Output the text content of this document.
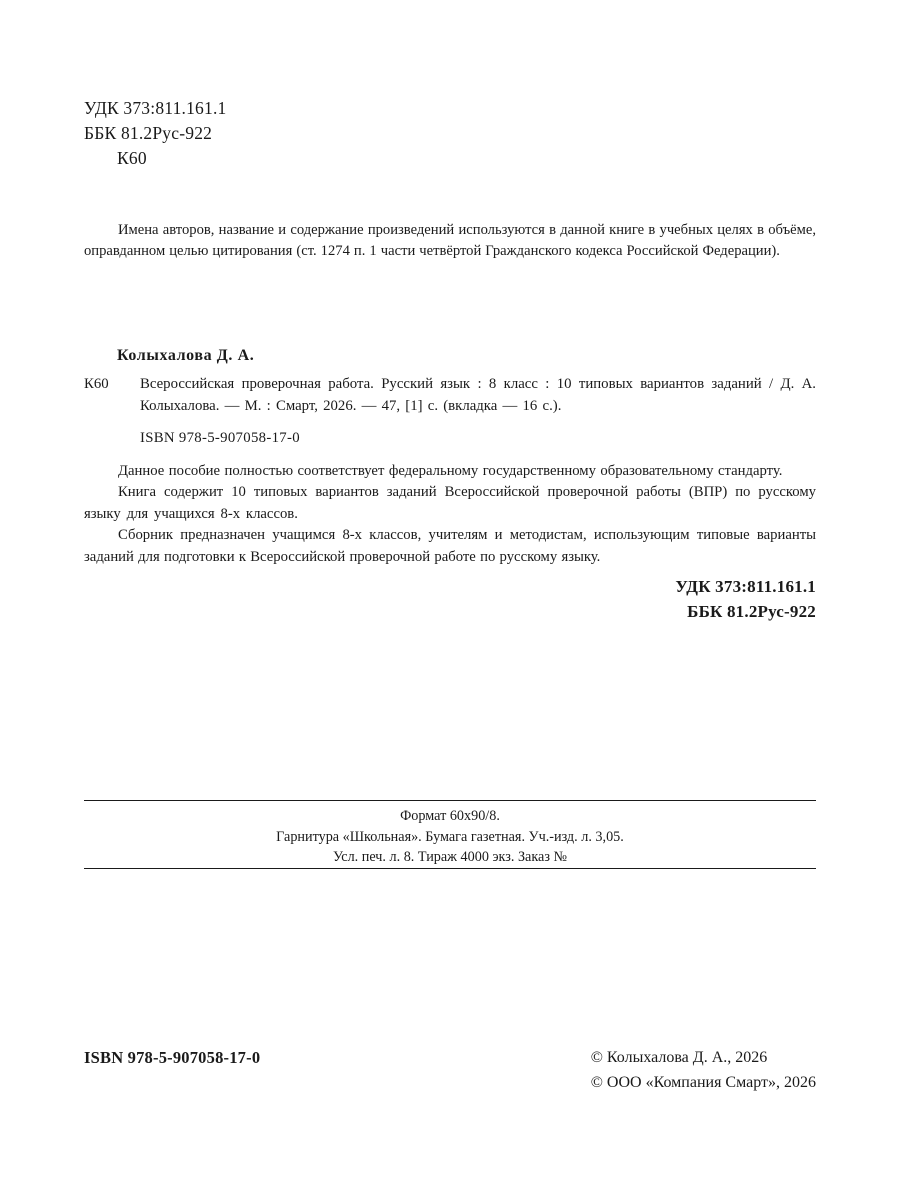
УДК 373:811.161.1
ББК 81.2Рус-922
К60
Имена авторов, название и содержание произведений используются в данной книге в учебных целях в объёме, оправданном целью цитирования (ст. 1274 п. 1 части четвёртой Гражданского кодекса Российской Федерации).
Колыхалова Д. А.
К60	Всероссийская проверочная работа. Русский язык : 8 класс : 10 типовых вариантов заданий / Д. А. Колыхалова. — М. : Смарт, 2026. — 47, [1] с. (вкладка — 16 с.).
ISBN 978-5-907058-17-0

Данное пособие полностью соответствует федеральному государственному образовательному стандарту.

Книга содержит 10 типовых вариантов заданий Всероссийской проверочной работы (ВПР) по русскому языку для учащихся 8-х классов.

Сборник предназначен учащимся 8-х классов, учителям и методистам, использующим типовые варианты заданий для подготовки к Всероссийской проверочной работе по русскому языку.

УДК 373:811.161.1
ББК 81.2Рус-922
Формат 60x90/8.
Гарнитура «Школьная». Бумага газетная. Уч.-изд. л. 3,05.
Усл. печ. л. 8. Тираж 4000 экз. Заказ №
ISBN 978-5-907058-17-0	© Колыхалова Д. А., 2026
© ООО «Компания Смарт», 2026
